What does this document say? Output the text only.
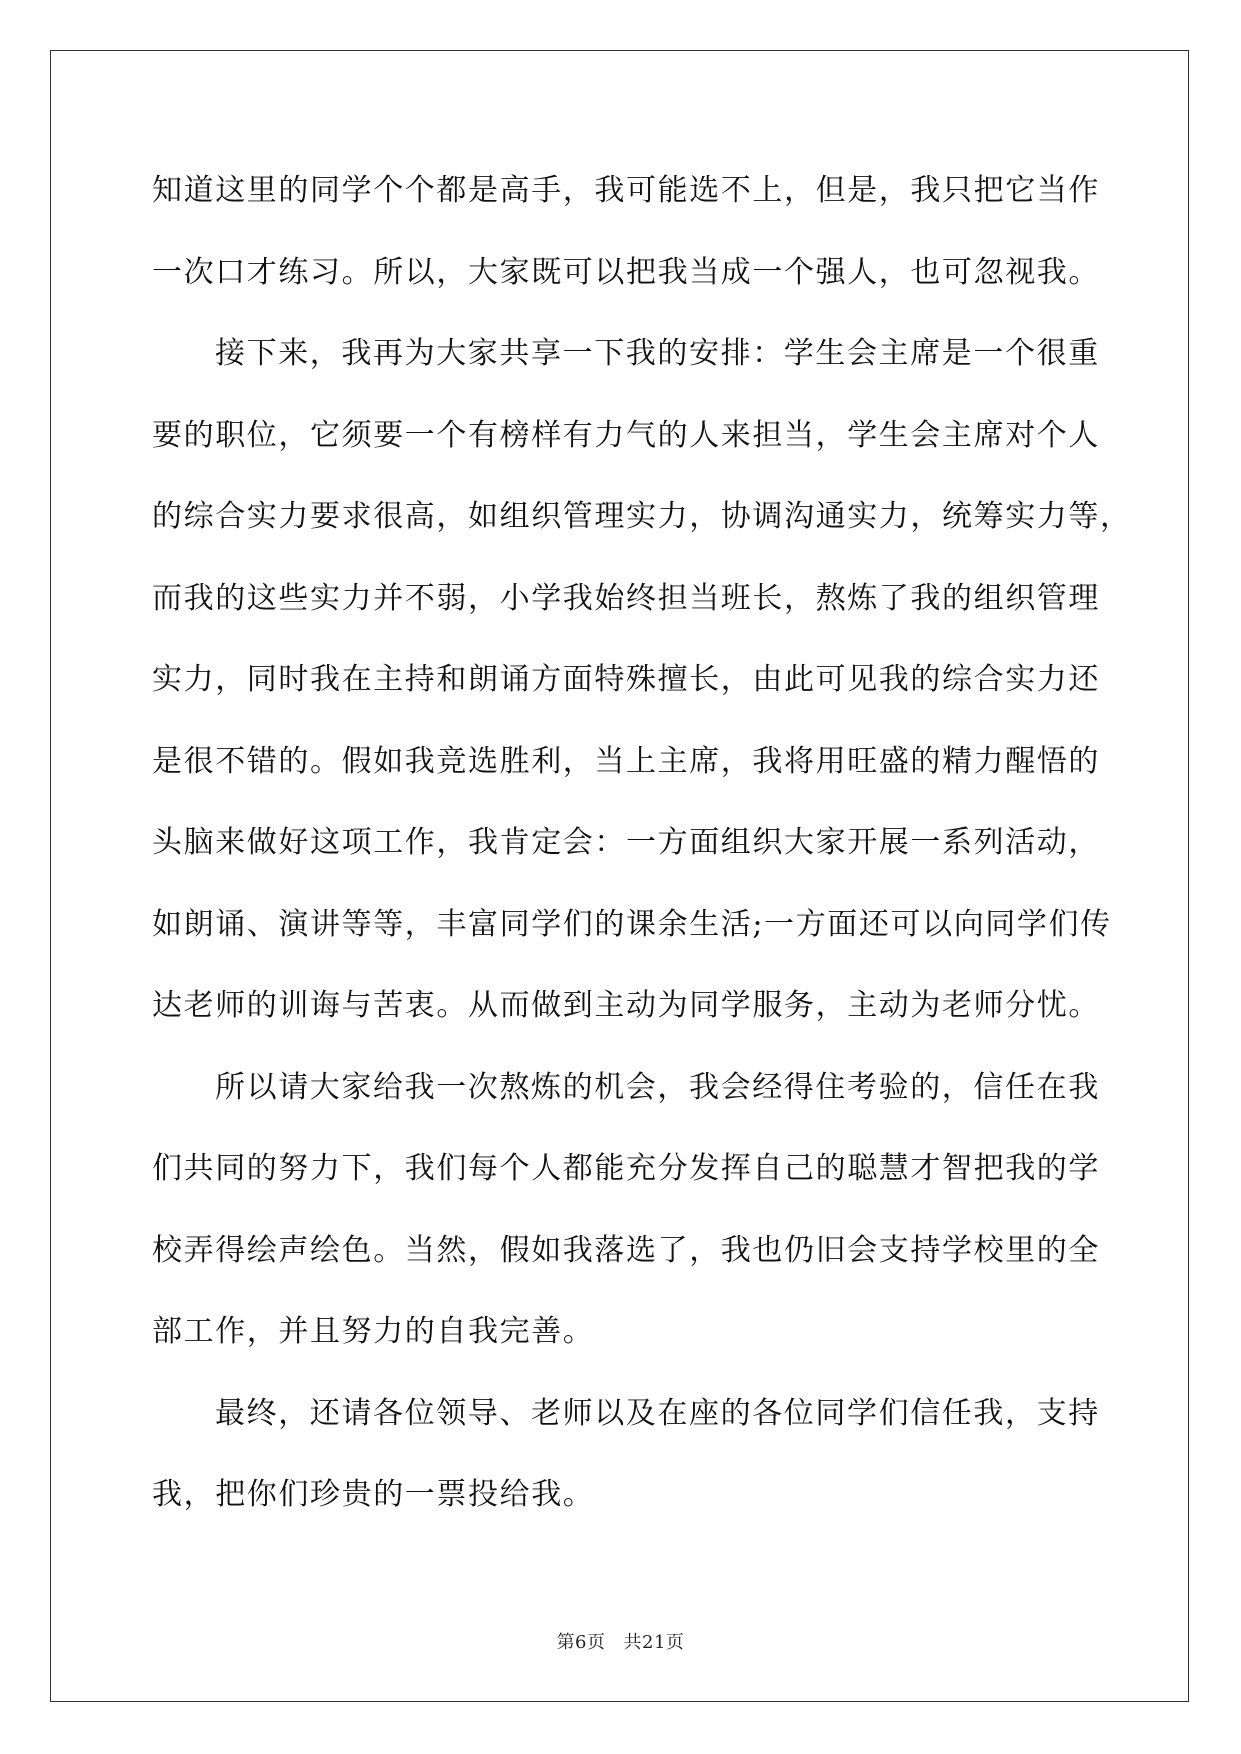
知道这里的同学个个都是高手，我可能选不上，但是，我只把它当作
一次口才练习。所以，大家既可以把我当成一个强人，也可忽视我。
接下来，我再为大家共享一下我的安排：学生会主席是一个很重
要的职位，它须要一个有榜样有力气的人来担当，学生会主席对个人
的综合实力要求很高，如组织管理实力，协调沟通实力，统筹实力等，
而我的这些实力并不弱，小学我始终担当班长，熬炼了我的组织管理
实力，同时我在主持和朗诵方面特殊擅长，由此可见我的综合实力还
是很不错的。假如我竞选胜利，当上主席，我将用旺盛的精力醒悟的
头脑来做好这项工作，我肯定会：一方面组织大家开展一系列活动，
如朗诵、演讲等等，丰富同学们的课余生活;一方面还可以向同学们传
达老师的训诲与苦衷。从而做到主动为同学服务，主动为老师分忧。
所以请大家给我一次熬炼的机会，我会经得住考验的，信任在我
们共同的努力下，我们每个人都能充分发挥自己的聪慧才智把我的学
校弄得绘声绘色。当然，假如我落选了，我也仍旧会支持学校里的全
部工作，并且努力的自我完善。
最终，还请各位领导、老师以及在座的各位同学们信任我，支持
我，把你们珍贵的一票投给我。
第6页 共21页
